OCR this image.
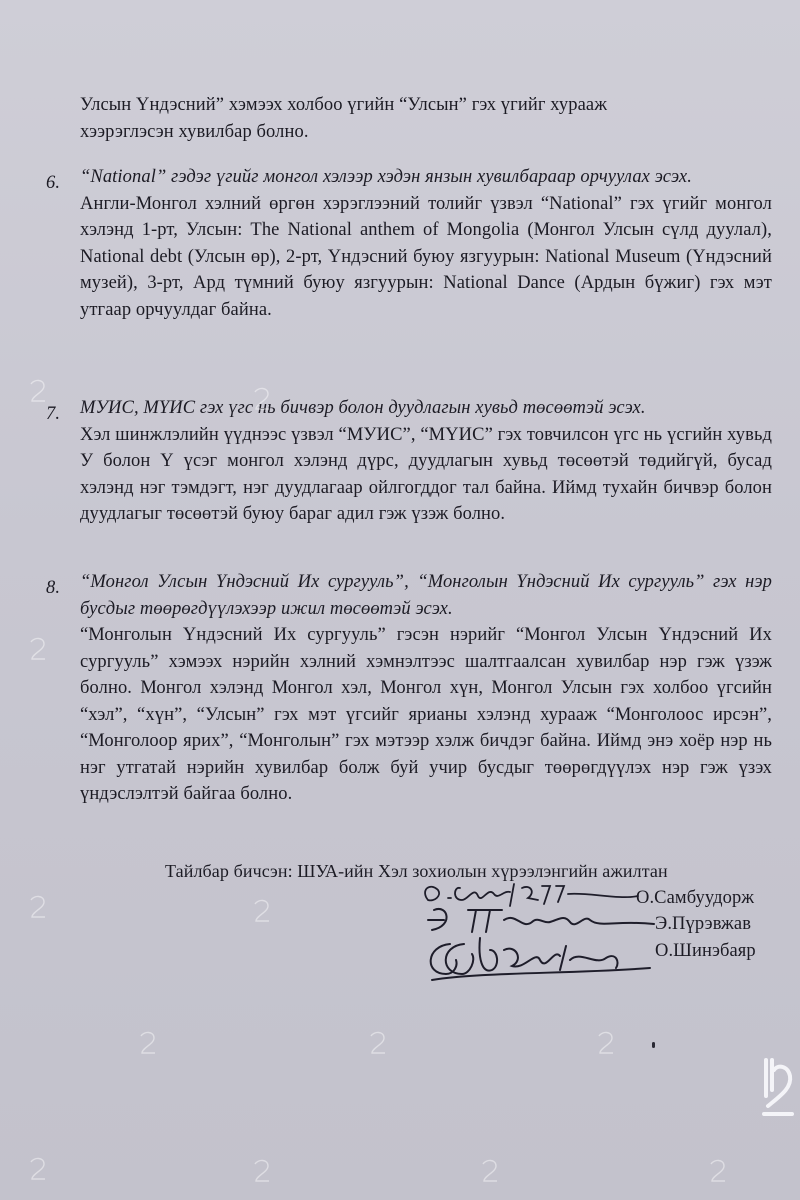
Улсын Үндэсний” хэмээх холбоо үгийн “Улсын” гэх үгийг хурааж
хээрэглэсэн хувилбар болно.
6. “National” гэдэг үгийг монгол хэлээр хэдэн янзын хувилбараар орчуулах эсэх.
Англи-Монгол хэлний өргөн хэрэглээний толийг үзвэл “National” гэх үгийг монгол хэлэнд 1-рт, Улсын: The National anthem of Mongolia (Монгол Улсын сүлд дуулал), National debt (Улсын өр), 2-рт, Үндэсний буюу язгуурын: National Museum (Үндэсний музей), 3-рт, Ард түмний буюу язгуурын: National Dance (Ардын бүжиг) гэх мэт утгаар орчуулдаг байна.
7. МУИС, МҮИС гэх үгс нь бичвэр болон дуудлагын хувьд төсөөтэй эсэх.
Хэл шинжлэлийн үүднээс үзвэл “МУИС”, “МҮИС” гэх товчилсон үгс нь үсгийн хувьд У болон Ү үсэг монгол хэлэнд дүрс, дуудлагын хувьд төсөөтэй төдийгүй, бусад хэлэнд нэг тэмдэгт, нэг дуудлагаар ойлгогддог тал байна. Иймд тухайн бичвэр болон дуудлагыг төсөөтэй буюу бараг адил гэж үзэж болно.
8. “Монгол Улсын Үндэсний Их сургууль”, “Монголын Үндэсний Их сургууль” гэх нэр бусдыг төөрөгдүүлэхээр ижил төсөөтэй эсэх.
“Монголын Үндэсний Их сургууль” гэсэн нэрийг “Монгол Улсын Үндэсний Их сургууль” хэмээх нэрийн хэлний хэмнэлтээс шалтгаалсан хувилбар нэр гэж үзэж болно. Монгол хэлэнд Монгол хэл, Монгол хүн, Монгол Улсын гэх холбоо үгсийн “хэл”, “хүн”, “Улсын” гэх мэт үгсийг ярианы хэлэнд хурааж “Монголоос ирсэн”, “Монголоор ярих”, “Монголын” гэх мэтээр хэлж бичдэг байна. Иймд энэ хоёр нэр нь нэг утгатай нэрийн хувилбар болж буй учир бусдыг төөрөгдүүлэх нэр гэж үзэх үндэслэлтэй байгаа болно.
Тайлбар бичсэн: ШУА-ийн Хэл зохиолын хүрээлэнгийн ажилтан
О.Самбуудорж
Э.Пүрэвжав
О.Шинэбаяр
